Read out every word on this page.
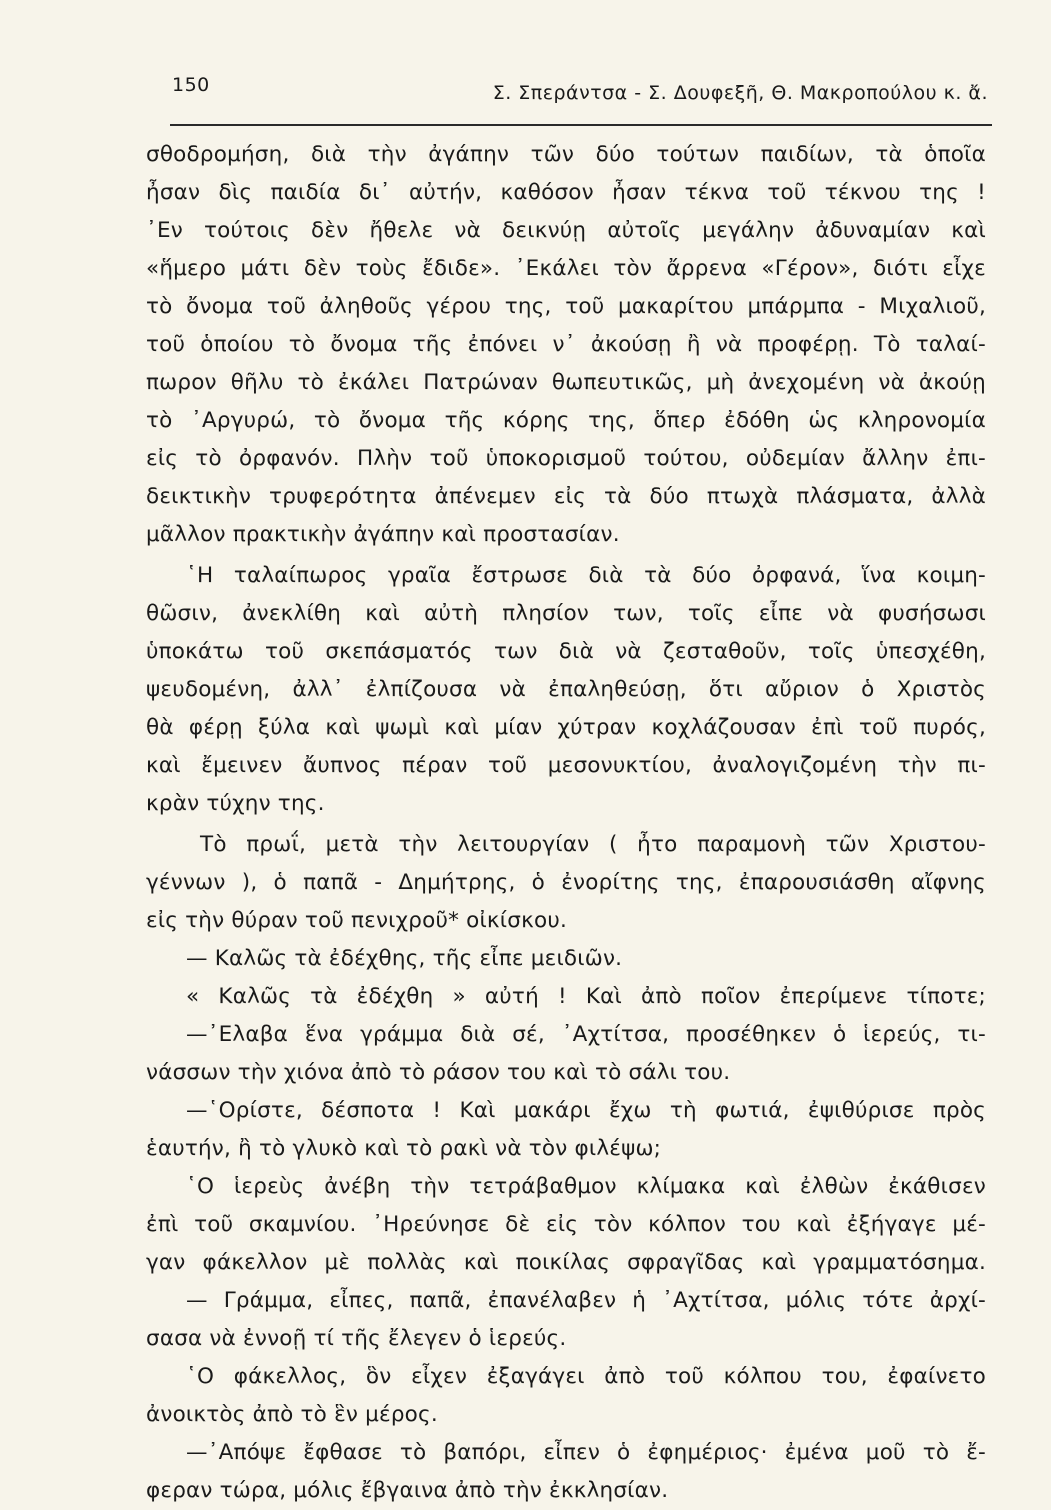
150	Σ. Σπεράντσα - Σ. Δουφεξῆ, Θ. Μακροπούλου κ. ἄ.
σθοδρομήση, διὰ τὴν ἀγάπην τῶν δύο τούτων παιδίων, τὰ ὁποῖα
ἦσαν δὶς παιδία δι᾽ αὐτήν, καθόσον ἦσαν τέκνα τοῦ τέκνου της !
᾽Εν τούτοις δὲν ἤθελε νὰ δεικνύῃ αὐτοῖς μεγάλην ἀδυναμίαν καὶ
«ἥμερο μάτι δὲν τοὺς ἔδιδε». ᾽Εκάλει τὸν ἄρρενα «Γέρον», διότι εἶχε
τὸ ὄνομα τοῦ ἀληθοῦς γέρου της, τοῦ μακαρίτου μπάρμπα - Μιχαλιοῦ,
τοῦ ὁποίου τὸ ὄνομα τῆς ἐπόνει ν᾽ ἀκούσῃ ἢ νὰ προφέρῃ. Τὸ ταλαί-
πωρον θῆλυ τὸ ἐκάλει Πατρώναν θωπευτικῶς, μὴ ἀνεχομένη νὰ ἀκούῃ
τὸ ᾽Αργυρώ, τὸ ὄνομα τῆς κόρης της, ὅπερ ἐδόθη ὡς κληρονομία
εἰς τὸ ὀρφανόν. Πλὴν τοῦ ὑποκορισμοῦ τούτου, οὐδεμίαν ἄλλην ἐπι-
δεικτικὴν τρυφερότητα ἀπένεμεν εἰς τὰ δύο πτωχὰ πλάσματα, ἀλλὰ
μᾶλλον πρακτικὴν ἀγάπην καὶ προστασίαν.
῾Η ταλαίπωρος γραῖα ἔστρωσε διὰ τὰ δύο ὀρφανά, ἵνα κοιμη-
θῶσιν, ἀνεκλίθη καὶ αὐτὴ πλησίον των, τοῖς εἶπε νὰ φυσήσωσι
ὑποκάτω τοῦ σκεπάσματός των διὰ νὰ ζεσταθοῦν, τοῖς ὑπεσχέθη,
ψευδομένη, ἀλλ᾽ ἐλπίζουσα νὰ ἐπαληθεύσῃ, ὅτι αὔριον ὁ Χριστὸς
θὰ φέρῃ ξύλα καὶ ψωμὶ καὶ μίαν χύτραν κοχλάζουσαν ἐπὶ τοῦ πυρός,
καὶ ἔμεινεν ἄυπνος πέραν τοῦ μεσονυκτίου, ἀναλογιζομένη τὴν πι-
κρὰν τύχην της.
Τὸ πρωΐ, μετὰ τὴν λειτουργίαν ( ἦτο παραμονὴ τῶν Χριστου-
γέννων ), ὁ παπᾶ - Δημήτρης, ὁ ἐνορίτης της, ἐπαρουσιάσθη αἴφνης
εἰς τὴν θύραν τοῦ πενιχροῦ* οἰκίσκου.
— Καλῶς τὰ ἐδέχθης, τῆς εἶπε μειδιῶν.
« Καλῶς τὰ ἐδέχθη » αὐτή ! Καὶ ἀπὸ ποῖον ἐπερίμενε τίποτε;
—᾽Ελαβα ἕνα γράμμα διὰ σέ, ᾽Αχτίτσα, προσέθηκεν ὁ ἱερεύς, τι-
νάσσων τὴν χιόνα ἀπὸ τὸ ράσον του καὶ τὸ σάλι του.
—῾Ορίστε, δέσποτα ! Καὶ μακάρι ἔχω τὴ φωτιά, ἐψιθύρισε πρὸς
ἑαυτήν, ἢ τὸ γλυκὸ καὶ τὸ ρακὶ νὰ τὸν φιλέψω;
῾Ο ἱερεὺς ἀνέβη τὴν τετράβαθμον κλίμακα καὶ ἐλθὼν ἐκάθισεν
ἐπὶ τοῦ σκαμνίου. ᾽Ηρεύνησε δὲ εἰς τὸν κόλπον του καὶ ἐξήγαγε μέ-
γαν φάκελλον μὲ πολλὰς καὶ ποικίλας σφραγῖδας καὶ γραμματόσημα.
— Γράμμα, εἶπες, παπᾶ, ἐπανέλαβεν ἡ ᾽Αχτίτσα, μόλις τότε ἀρχί-
σασα νὰ ἐννοῇ τί τῆς ἔλεγεν ὁ ἱερεύς.
῾Ο φάκελλος, ὃν εἶχεν ἐξαγάγει ἀπὸ τοῦ κόλπου του, ἐφαίνετο
ἀνοικτὸς ἀπὸ τὸ ἓν μέρος.
—᾽Απόψε ἔφθασε τὸ βαπόρι, εἶπεν ὁ ἐφημέριος· ἐμένα μοῦ τὸ ἔ-
φεραν τώρα, μόλις ἔβγαινα ἀπὸ τὴν ἐκκλησίαν.
